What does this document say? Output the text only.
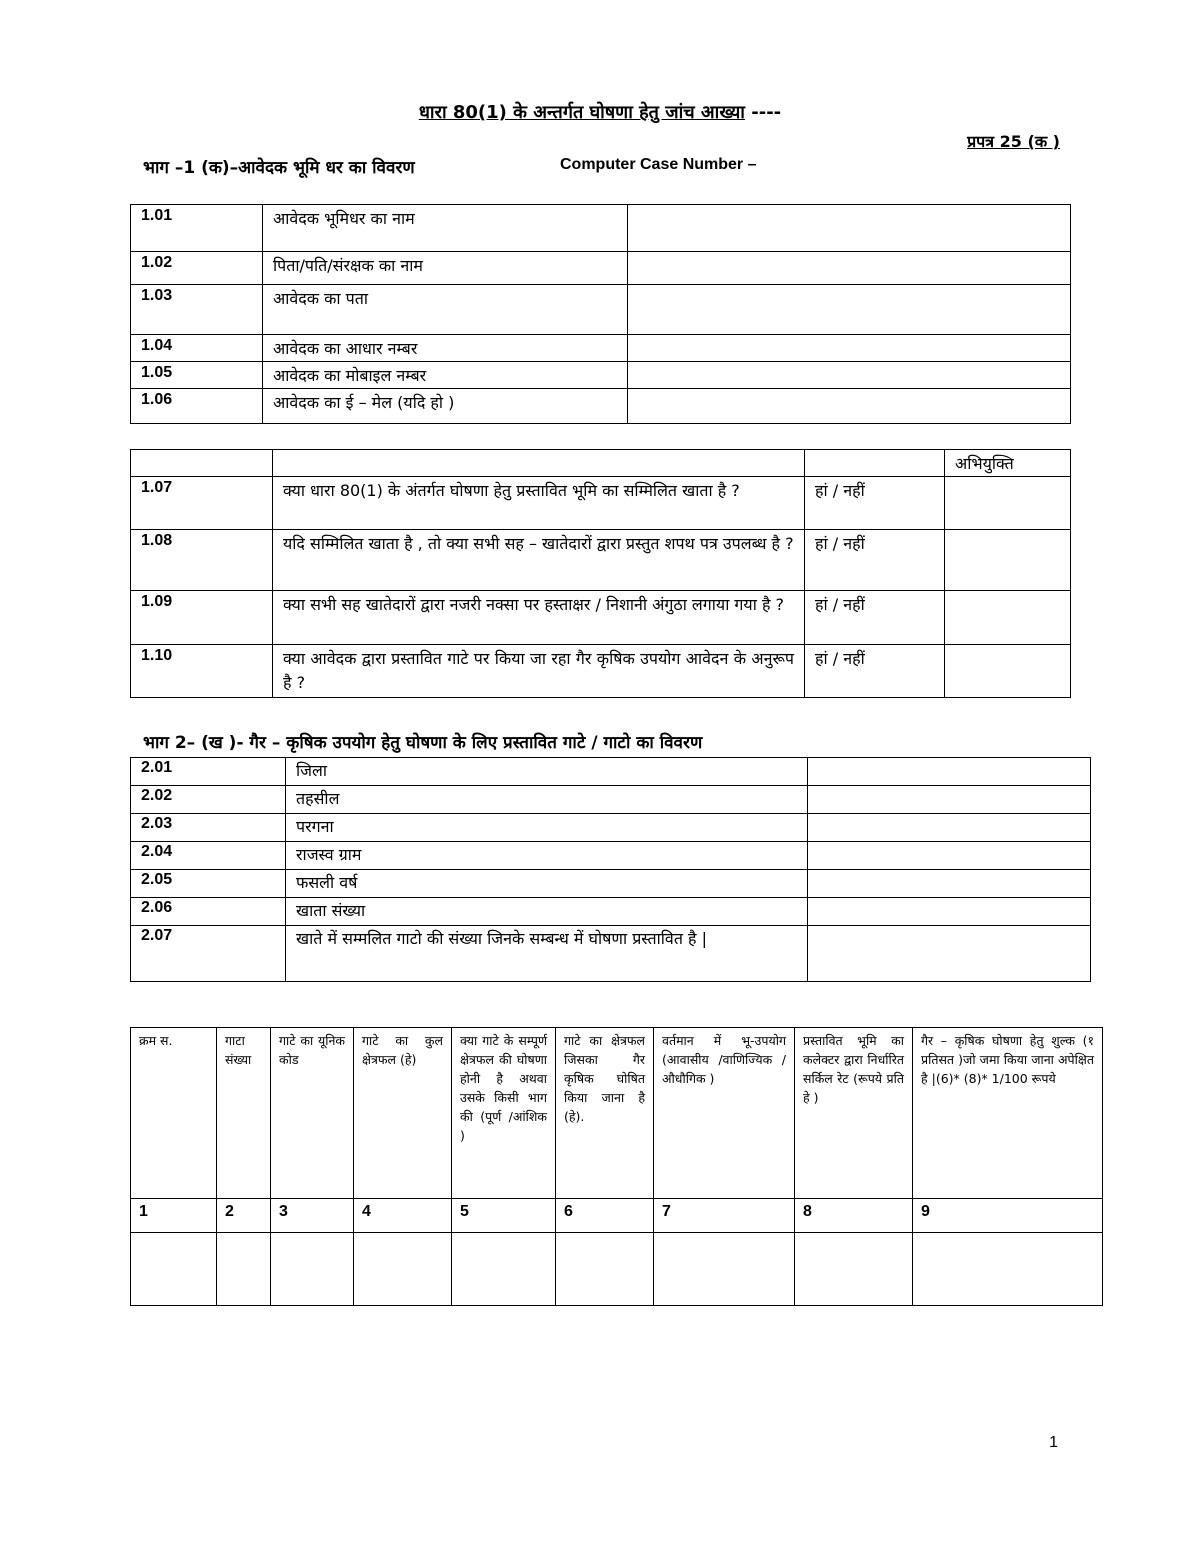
धारा 80(1) के अन्तर्गत घोषणा हेतु जांच आख्या ----
प्रपत्र 25 (क )
भाग –1 (क)–आवेदक भूमि धर का विवरण	Computer Case Number –
1.01	आवेदक भूमिधर का नाम	
1.02	पिता/पति/संरक्षक का नाम	
1.03	आवेदक का पता	
1.04	आवेदक का आधार नम्बर	
1.05	आवेदक का मोबाइल नम्बर	
1.06	आवेदक का ई – मेल (यदि हो )	
			अभियुक्ति
1.07	क्या धारा 80(1) के अंतर्गत घोषणा हेतु प्रस्तावित भूमि का सम्मिलित खाता है ?	हां / नहीं	
1.08	यदि सम्मिलित खाता है , तो क्या सभी सह – खातेदारों द्वारा प्रस्तुत शपथ पत्र उपलब्ध है ?	हां / नहीं	
1.09	क्या सभी सह खातेदारों द्वारा नजरी नक्सा पर हस्ताक्षर / निशानी अंगुठा लगाया गया है ?	हां / नहीं	
1.10	क्या आवेदक द्वारा प्रस्तावित गाटे पर किया जा रहा गैर कृषिक उपयोग आवेदन के अनुरूप है ?	हां / नहीं	
भाग 2– (ख )- गैर – कृषिक उपयोग हेतु घोषणा के लिए प्रस्तावित गाटे / गाटो का विवरण
2.01	जिला	
2.02	तहसील	
2.03	परगना	
2.04	राजस्व ग्राम	
2.05	फसली वर्ष	
2.06	खाता संख्या	
2.07	खाते में सम्मलित गाटो की संख्या जिनके सम्बन्ध में घोषणा प्रस्तावित है |	
क्रम स.	गाटा संख्या	गाटे का यूनिक कोड	गाटे का कुल क्षेत्रफल (हे)	क्या गाटे के सम्पूर्ण क्षेत्रफल की घोषणा होनी है अथवा उसके किसी भाग की (पूर्ण /आंशिक )	गाटे का क्षेत्रफल जिसका गैर कृषिक घोषित किया जाना है (हे).	वर्तमान में भू-उपयोग (आवासीय /वाणिज्यिक /औधौगिक )	प्रस्तावित भूमि का कलेक्टर द्वारा निर्धारित सर्किल रेट (रूपये प्रति हे )	गैर – कृषिक घोषणा हेतु शुल्क (१ प्रतिसत )जो जमा किया जाना अपेक्षित है |(6)* (8)* 1/100 रूपये
1	2	3	4	5	6	7	8	9

1
